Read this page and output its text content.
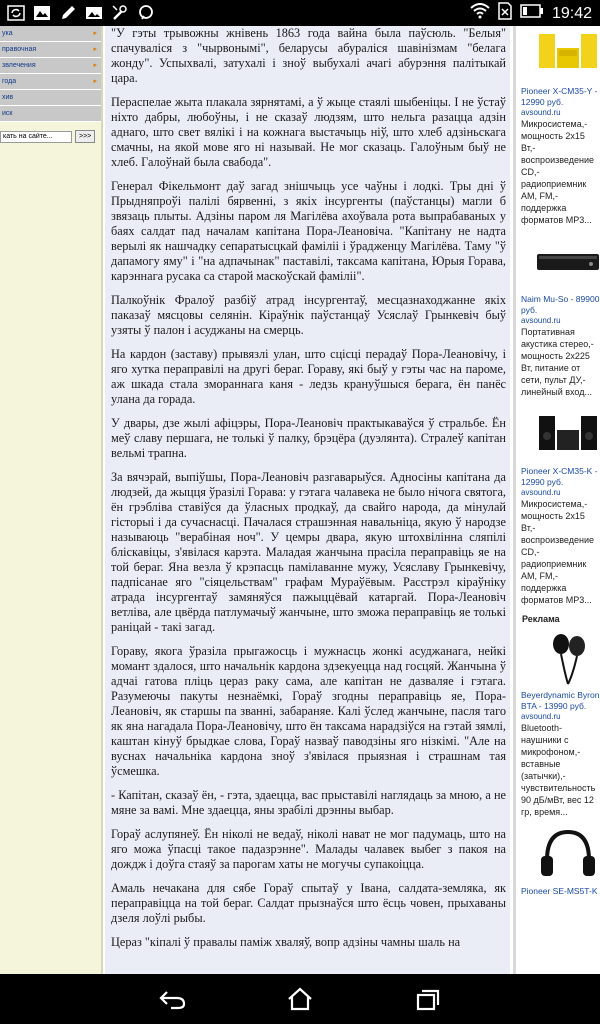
19:42
ука	▸
правочная	▸
звлечения	▸
года	▸
хив
иск
кать на сайте...
>>>

"У гэты трывожны жнівень 1863 года вайна была паўсюль. "Белыя" спачуваліся з "чырвонымі", беларусы абураліся шавінізмам "белага жонду". Успыхвалі, затухалі і зноў выбухалі ачагі абурэння палітыкай цара.

Пераспелае жыта плакала зярнятамі, а ў жыце стаялі шыбеніцы. І не ўстаў ніхто дабры, любоўны, і не сказаў людзям, што нельга разацца адзін аднаго, што свет вялікі і на кожнага выстачыць ніў, што хлеб адзіньскага смачны, на якой мове яго ні называй. Не мог сказаць. Галоўным быў не хлеб. Галоўнай была свабода".

Генерал Фікельмонт даў загад знішчыць усе чаўны і лодкі. Тры дні ў Прыдняпроўі палілі бярвенні, з якіх інсургенты (паўстанцы) магли б звязаць плыты. Адзіны паром ля Магілёва ахоўвала рота выпрабаваных у баях салдат пад началам капітана Пора-Леановіча. "Капітану не надта верылі як нашчадку сепаратысцкай фаміліі і ўрадженцу Магілёва. Таму "ў дапамогу яму" і "на адпачынак" паставілі, таксама капітана, Юрыя Горава, карэннага русака са старой маскоўскай фаміліі".

Палкоўнік Фралоў разбіў атрад інсургентаў, месцазнаходжанне якіх паказаў мясцовы селянін. Кіраўнік паўстанцаў Усяслаў Грынкевіч быў узяты ў палон і асуджаны на смерць.

На кардон (заставу) прывязлі улан, што сцісці перадаў Пора-Леановічу, і яго хутка пераправілі на другі бераг. Гораву, які быў у гэты час на пароме, аж шкада стала змораннага каня - ледзь крануўшыся берага, ён панёс улана да горада.

У двары, дзе жылі афіцэры, Пора-Леановіч практыкаваўся ў стральбе. Ён меў славу першага, не толькі ў палку, брэцёра (дуэлянта). Стралеў капітан вельмі трапна.

За вячэрай, выпіўшы, Пора-Леановіч разгаварыўся. Адносіны капітана да людзей, да жыцця ўразілі Горава: у гэтага чалавека не было нічога святога, ён грэбліва ставіўся да ўласных продкаў, да свайго народа, да мінулай гісторыі і да сучаснасці. Пачалася страшэнная навальніца, якую ў народзе называюць "верабіная ноч". У цемры двара, якую штохвілінна сляпілі бліскавіцы, з'явілася карэта. Маладая жанчына прасіла пераправіць яе на той бераг. Яна везла ў крэпасць памілаванне мужу, Усяславу Грынкевічу, падпісанае яго "сіяцельствам" графам Мураўёвым. Расстрэл кіраўніку атрада інсургентаў замяняўся пажыццёвай катаргай. Пора-Леановіч ветліва, але цвёрда патлумачыў жанчыне, што зможа пераправіць яе толькі раніцай - такі загад.

Гораву, якога ўразіла прыгажосць і мужнасць жонкі асуджанага, нейкі момант здалося, што начальнік кардона здзекуецца над госцяй. Жанчына ў адчаі гатова пліць цераз раку сама, але капітан не дазваляе і гэтага. Разумеючы пакуты незнаёмкі, Гораў згодны пераправіць яе, Пора-Леановіч, як старшы па званні, забараняе. Калі ўслед жанчыне, пасля таго як яна нагадала Пора-Леановічу, што ён таксама нарадзіўся на гэтай зямлі, каштан кінуў брыдкае слова, Гораў назваў паводзіны яго нізкімі. "Але на вуснах начальніка кардона зноў з'явілася прыязная і страшнам тая ўсмешка.

- Капітан, сказаў ён, - гэта, здаецца, вас прыставілі наглядаць за мною, а не мяне за вамі. Мне здаецца, яны зрабілі дрэнны выбар.

Гораў аслупянеў. Ён ніколі не ведаў, ніколі нават не мог падумаць, што на яго можа ўпасці такое падазрэнне". Малады чалавек выбег з пакоя на дождж і доўга стаяў за парогам хаты не могучы супакоіцца.

Амаль нечакана для сябе Гораў спытаў у Івана, салдата-земляка, як пераправіцца на той бераг. Салдат прызнаўся што ёсць човен, прыхаваны дзеля лоўлі рыбы.

Цераз "кіпалі ў правалы паміж хваляў, вопр адзіны чамны шаль на

Pioneer X-CM35-Y - 12990 руб.
avsound.ru
Микросистема,- мощность 2x15 Вт,- воспроизведение CD,- радиоприемник AM, FM,- поддержка форматов MP3...
Naim Mu-So - 89900 руб.
avsound.ru
Портативная акустика стерео,- мощность 2x225 Вт, питание от сети, пульт ДУ,- линейный вход...
Pioneer X-CM35-K - 12990 руб.
avsound.ru
Микросистема,- мощность 2x15 Вт,- воспроизведение CD,- радиоприемник AM, FM,- поддержка форматов MP3...
Реклама
Beyerdynamic Byron BTA - 13990 руб.
avsound.ru
Bluetooth-наушники с микрофоном,- вставные (затычки),- чувствительность 90 дБ/мВт, вес 12 гр, время...
Pioneer SE-MS5T-K
